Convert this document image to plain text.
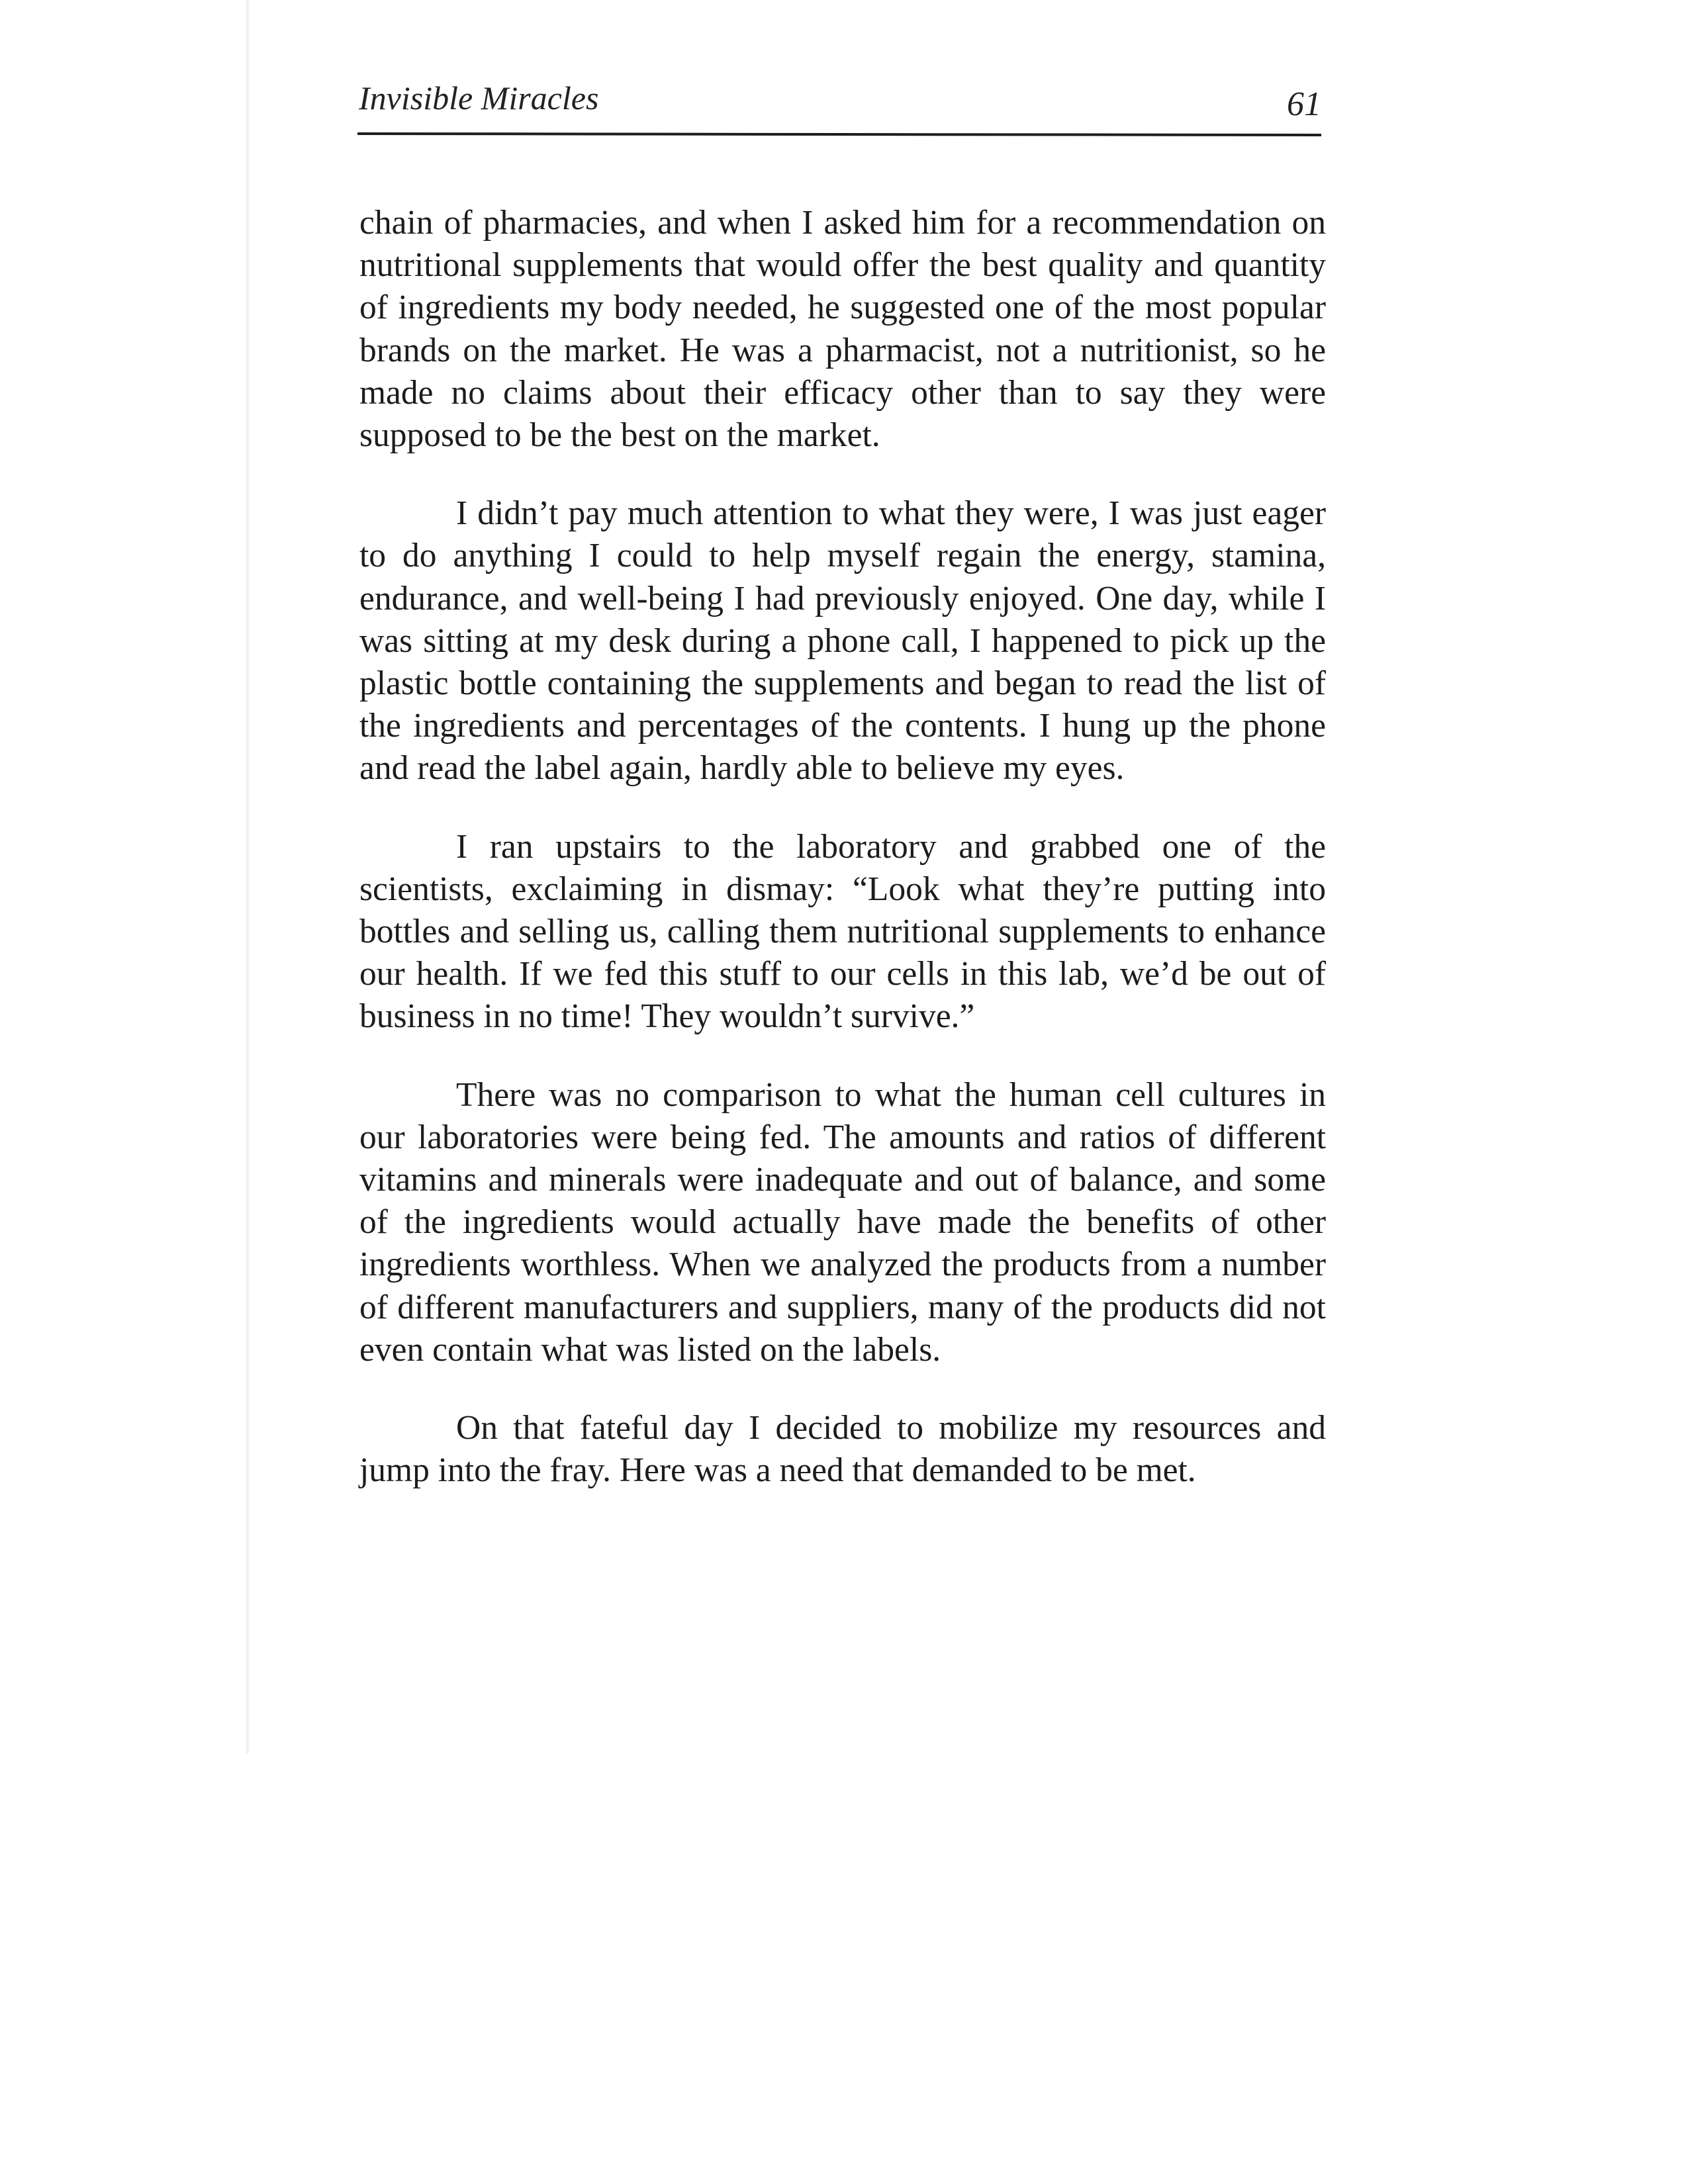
Invisible Miracles	61

chain of pharmacies, and when I asked him for a recommendation on nutritional supplements that would offer the best quality and quantity of ingredients my body needed, he suggested one of the most popular brands on the market. He was a pharmacist, not a nutritionist, so he made no claims about their efficacy other than to say they were supposed to be the best on the market.

I didn’t pay much attention to what they were, I was just eager to do anything I could to help myself regain the energy, stamina, endurance, and well-being I had previously enjoyed. One day, while I was sitting at my desk during a phone call, I happened to pick up the plastic bottle containing the supplements and began to read the list of the ingredients and percentages of the contents. I hung up the phone and read the label again, hardly able to believe my eyes.

I ran upstairs to the laboratory and grabbed one of the scientists, exclaiming in dismay: “Look what they’re putting into bottles and selling us, calling them nutritional supplements to enhance our health. If we fed this stuff to our cells in this lab, we’d be out of business in no time! They wouldn’t survive.”

There was no comparison to what the human cell cultures in our laboratories were being fed. The amounts and ratios of different vitamins and minerals were inadequate and out of balance, and some of the ingredients would actually have made the benefits of other ingredients worthless. When we analyzed the products from a number of different manufacturers and suppliers, many of the products did not even contain what was listed on the labels.

On that fateful day I decided to mobilize my resources and jump into the fray. Here was a need that demanded to be met.
